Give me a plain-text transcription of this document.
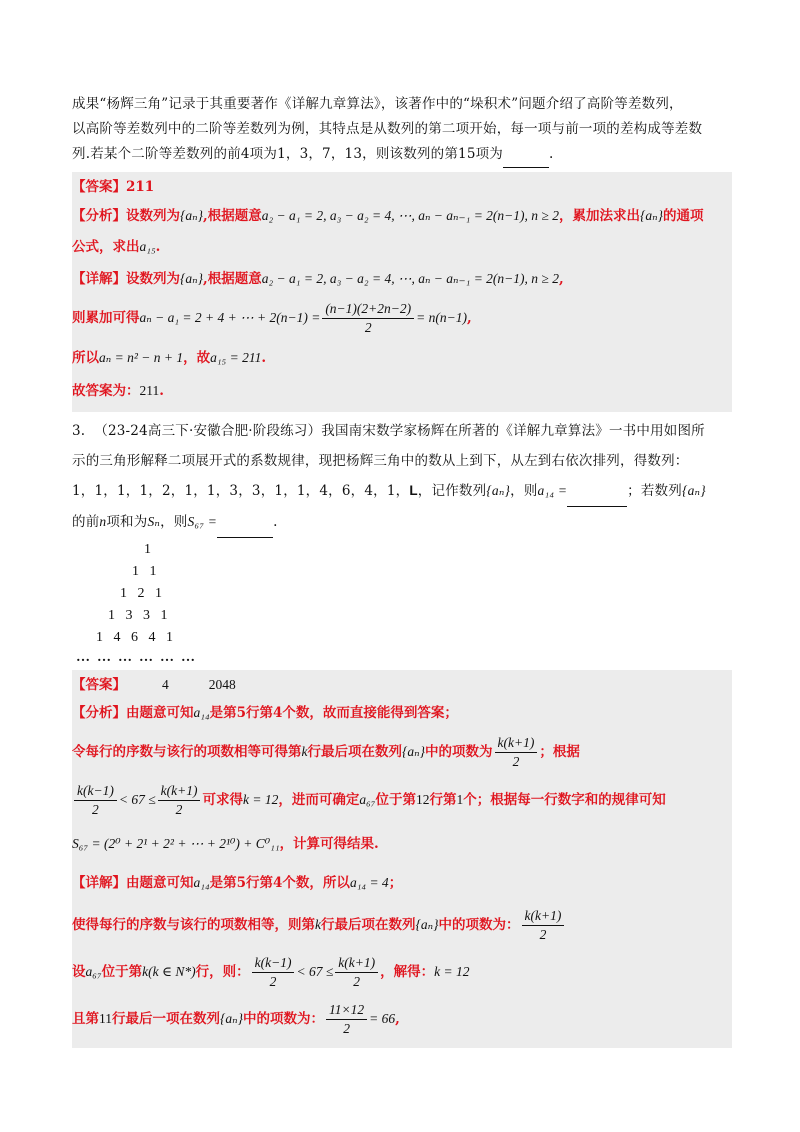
成果“杨辉三角”记录于其重要著作《详解九章算法》，该著作中的“垛积术”问题介绍了高阶等差数列，
以高阶等差数列中的二阶等差数列为例，其特点是从数列的第二项开始，每一项与前一项的差构成等差数
列.若某个二阶等差数列的前4项为1，3，7，13，则该数列的第15项为	.

【答案】211

【分析】设数列为{aₙ},根据题意a₂ − a₁ = 2, a₃ − a₂ = 4, ⋯, aₙ − aₙ₋₁ = 2(n−1), n ≥ 2，累加法求出{aₙ}的通项

公式，求出a₁₅.

【详解】设数列为{aₙ},根据题意a₂ − a₁ = 2, a₃ − a₂ = 4, ⋯, aₙ − aₙ₋₁ = 2(n−1), n ≥ 2,

则累加可得aₙ − a₁ = 2 + 4 + ⋯ + $2(n-1) = \frac{(n-1)(2+2n-2)}{2} = n(n-1)$,

所以aₙ = n² − n + 1，故a₁₅ = 211.

故答案为：211.

3. （23-24高三下·安徽合肥·阶段练习）我国南宋数学家杨辉在所著的《详解九章算法》一书中用如图所
示的三角形解释二项展开式的系数规律，现把杨辉三角中的数从上到下，从左到右依次排列，得数列：
1，1，1，1，2，1，1，3，3，1，1，4，6，4，1，L，记作数列{aₙ}，则a₁₄ =	；若数列{aₙ}
的前n项和为Sₙ，则S₆₇ =	.

1
1   1
1   2   1
1   3   3   1
1   4   6   4   1
…  …  …  …  …  …

【答案】	4	2048

【分析】由题意可知a₁₄是第5行第4个数，故而直接能得到答案；

令每行的序数与该行的项数相等可得第k行最后项在数列{aₙ}中的项数为 $\frac{k(k+1)}{2}$ ；根据

$\frac{k(k-1)}{2} < 67 \le \frac{k(k+1)}{2}$ 可求得k = 12，进而可确定a₆₇位于第12行第1个；根据每一行数字和的规律可知

S₆₇ = (2⁰ + 2¹ + 2² + ⋯ + 2¹⁰) + C⁰₁₁，计算可得结果.

【详解】由题意可知a₁₄是第5行第4个数，所以a₁₄ = 4；

使得每行的序数与该行的项数相等，则第k行最后项在数列{aₙ}中的项数为： $\frac{k(k+1)}{2}$

设a₆₇位于第k(k ∈ N*)行，则： $\frac{k(k-1)}{2} < 67 \le \frac{k(k+1)}{2}$ ，解得：k = 12

且第11行最后一项在数列{aₙ}中的项数为： $\frac{11\times 12}{2} = 66$,
